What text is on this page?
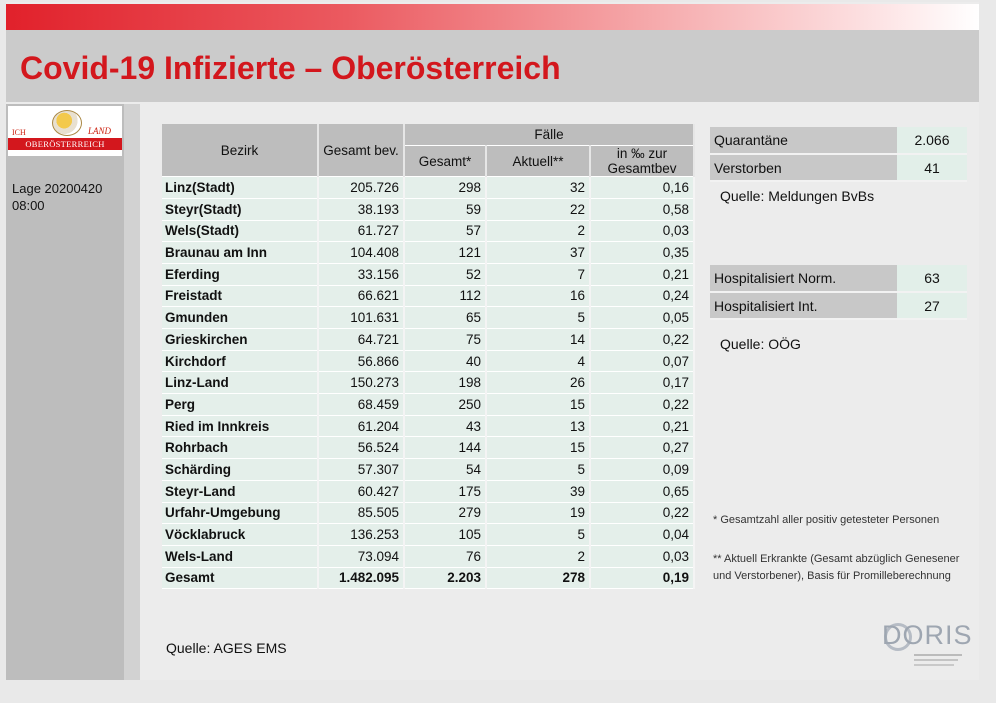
Covid-19 Infizierte – Oberösterreich
ICH	LAND
OBERÖSTERREICH
Lage 20200420
08:00
Bezirk	Gesamt bev.	Fälle		
		Gesamt*	Aktuell**	in ‰ zur Gesamtbev
Linz(Stadt)	205.726	298	32	0,16
Steyr(Stadt)	38.193	59	22	0,58
Wels(Stadt)	61.727	57	2	0,03
Braunau am Inn	104.408	121	37	0,35
Eferding	33.156	52	7	0,21
Freistadt	66.621	112	16	0,24
Gmunden	101.631	65	5	0,05
Grieskirchen	64.721	75	14	0,22
Kirchdorf	56.866	40	4	0,07
Linz-Land	150.273	198	26	0,17
Perg	68.459	250	15	0,22
Ried im Innkreis	61.204	43	13	0,21
Rohrbach	56.524	144	15	0,27
Schärding	57.307	54	5	0,09
Steyr-Land	60.427	175	39	0,65
Urfahr-Umgebung	85.505	279	19	0,22
Vöcklabruck	136.253	105	5	0,04
Wels-Land	73.094	76	2	0,03
Gesamt	1.482.095	2.203	278	0,19
Quelle: AGES EMS
Quarantäne	2.066
Verstorben	41
Quelle: Meldungen BvBs
Hospitalisiert Norm.	63
Hospitalisiert Int.	27
Quelle: OÖG
* Gesamtzahl aller positiv getesteter Personen
** Aktuell Erkrankte (Gesamt abzüglich Genesener und Verstorbener), Basis für Promilleberechnung
DORIS
